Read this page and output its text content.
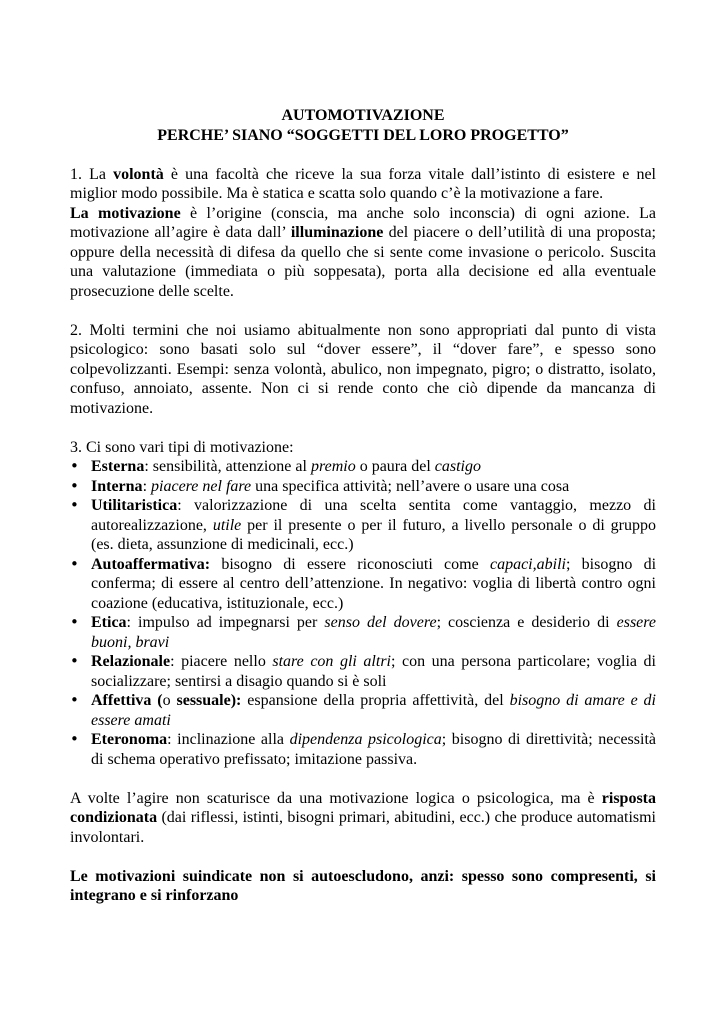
AUTOMOTIVAZIONE

PERCHE’ SIANO “SOGGETTI DEL LORO PROGETTO”

1. La volontà è una facoltà che riceve la sua forza vitale dall’istinto di esistere e nel miglior modo possibile. Ma è statica e scatta solo quando c’è la motivazione a fare.

La motivazione è l’origine (conscia, ma anche solo inconscia) di ogni azione. La motivazione all’agire è data dall’ illuminazione del piacere o dell’utilità di una proposta; oppure della necessità di difesa da quello che si sente come invasione o pericolo. Suscita una valutazione (immediata o più soppesata), porta alla decisione ed alla eventuale prosecuzione delle scelte.

2. Molti termini che noi usiamo abitualmente non sono appropriati dal punto di vista psicologico: sono basati solo sul “dover essere”, il “dover fare”, e spesso sono colpevolizzanti. Esempi: senza volontà, abulico, non impegnato, pigro; o distratto, isolato, confuso, annoiato, assente. Non ci si rende conto che ciò dipende da mancanza di motivazione.

3. Ci sono vari tipi di motivazione:

• Esterna: sensibilità, attenzione al premio o paura del castigo
• Interna: piacere nel fare una specifica attività; nell’avere o usare una cosa
• Utilitaristica: valorizzazione di una scelta sentita come vantaggio, mezzo di autorealizzazione, utile per il presente o per il futuro, a livello personale o di gruppo (es. dieta, assunzione di medicinali, ecc.)
• Autoaffermativa: bisogno di essere riconosciuti come capaci,abili; bisogno di conferma; di essere al centro dell’attenzione. In negativo: voglia di libertà contro ogni coazione (educativa, istituzionale, ecc.)
• Etica: impulso ad impegnarsi per senso del dovere; coscienza e desiderio di essere buoni, bravi
• Relazionale: piacere nello stare con gli altri; con una persona particolare; voglia di socializzare; sentirsi a disagio quando si è soli
• Affettiva (o sessuale): espansione della propria affettività, del bisogno di amare e di essere amati
• Eteronoma: inclinazione alla dipendenza psicologica; bisogno di direttività; necessità di schema operativo prefissato; imitazione passiva.

A volte l’agire non scaturisce da una motivazione logica o psicologica, ma è risposta condizionata (dai riflessi, istinti, bisogni primari, abitudini, ecc.) che produce automatismi involontari.

Le motivazioni suindicate non si autoescludono, anzi: spesso sono compresenti, si integrano e si rinforzano
